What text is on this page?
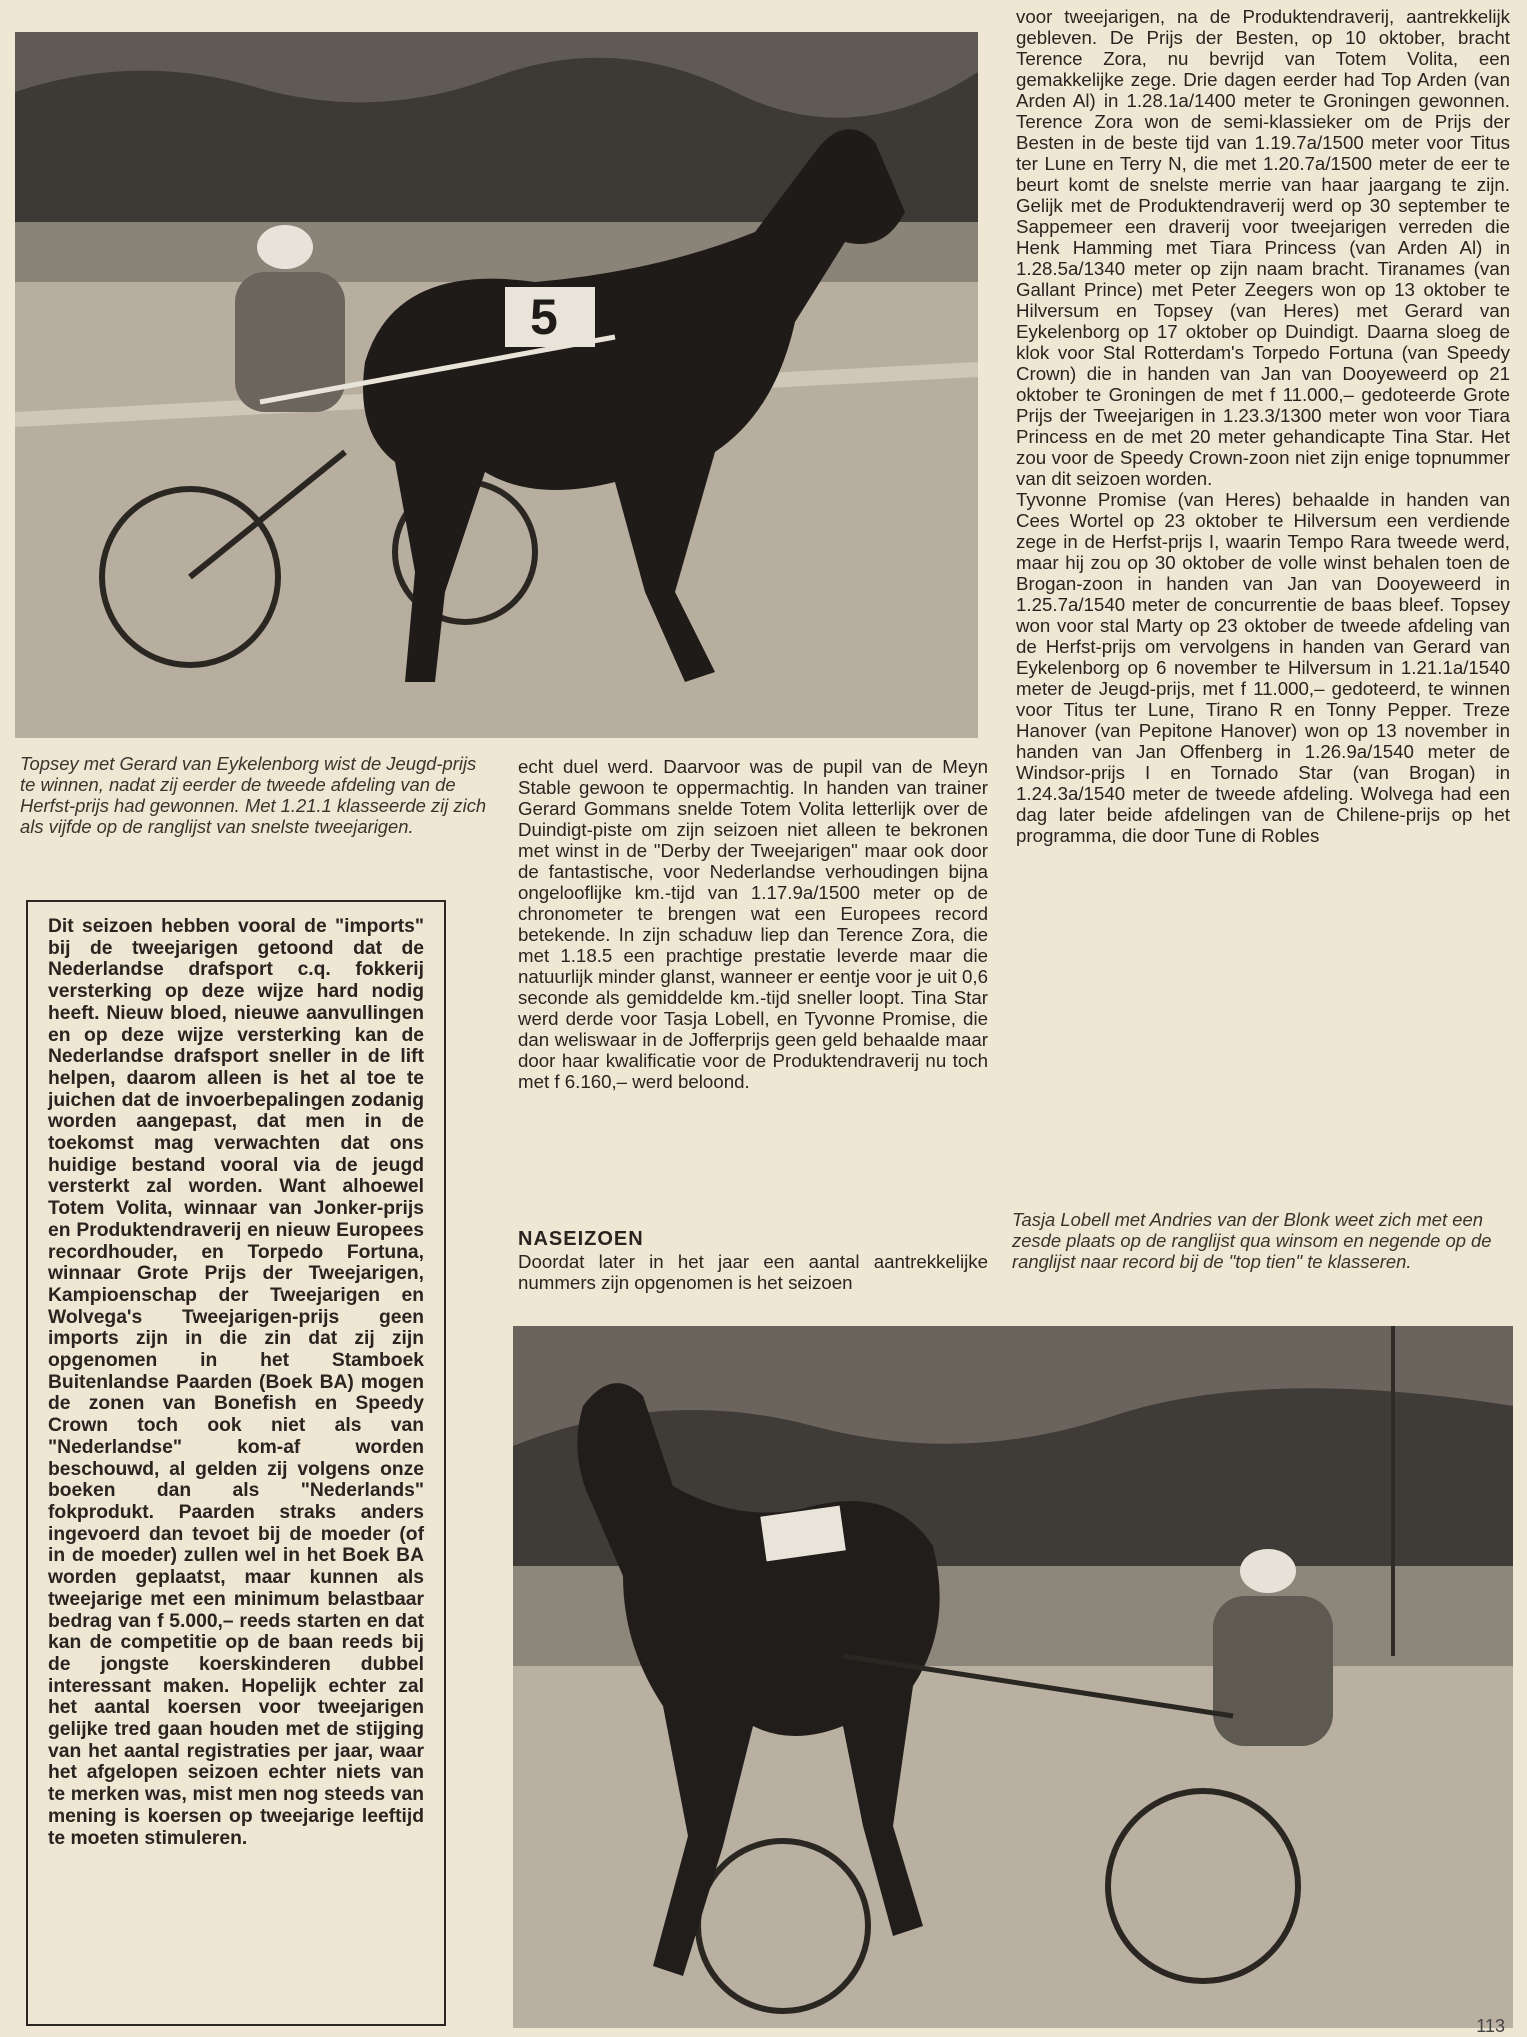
5

voor tweejarigen, na de Produktendraverij, aantrekkelijk gebleven. De Prijs der Besten, op 10 oktober, bracht Terence Zora, nu bevrijd van Totem Volita, een gemakkelijke zege. Drie dagen eerder had Top Arden (van Arden Al) in 1.28.1a/1400 meter te Groningen gewonnen. Terence Zora won de semi-klassieker om de Prijs der Besten in de beste tijd van 1.19.7a/1500 meter voor Titus ter Lune en Terry N, die met 1.20.7a/1500 meter de eer te beurt komt de snelste merrie van haar jaargang te zijn. Gelijk met de Produktendraverij werd op 30 september te Sappemeer een draverij voor tweejarigen verreden die Henk Hamming met Tiara Princess (van Arden Al) in 1.28.5a/1340 meter op zijn naam bracht. Tiranames (van Gallant Prince) met Peter Zeegers won op 13 oktober te Hilversum en Topsey (van Heres) met Gerard van Eykelenborg op 17 oktober op Duindigt. Daarna sloeg de klok voor Stal Rotterdam's Torpedo Fortuna (van Speedy Crown) die in handen van Jan van Dooyeweerd op 21 oktober te Groningen de met f 11.000,– gedoteerde Grote Prijs der Tweejarigen in 1.23.3/1300 meter won voor Tiara Princess en de met 20 meter gehandicapte Tina Star. Het zou voor de Speedy Crown-zoon niet zijn enige topnummer van dit seizoen worden.

Tyvonne Promise (van Heres) behaalde in handen van Cees Wortel op 23 oktober te Hilversum een verdiende zege in de Herfst-prijs I, waarin Tempo Rara tweede werd, maar hij zou op 30 oktober de volle winst behalen toen de Brogan-zoon in handen van Jan van Dooyeweerd in 1.25.7a/1540 meter de concurrentie de baas bleef. Topsey won voor stal Marty op 23 oktober de tweede afdeling van de Herfst-prijs om vervolgens in handen van Gerard van Eykelenborg op 6 november te Hilversum in 1.21.1a/1540 meter de Jeugd-prijs, met f 11.000,– gedoteerd, te winnen voor Titus ter Lune, Tirano R en Tonny Pepper. Treze Hanover (van Pepitone Hanover) won op 13 november in handen van Jan Offenberg in 1.26.9a/1540 meter de Windsor-prijs I en Tornado Star (van Brogan) in 1.24.3a/1540 meter de tweede afdeling. Wolvega had een dag later beide afdelingen van de Chilene-prijs op het programma, die door Tune di Robles

Topsey met Gerard van Eykelenborg wist de Jeugd-prijs te winnen, nadat zij eerder de tweede afdeling van de Herfst-prijs had gewonnen. Met 1.21.1 klasseerde zij zich als vijfde op de ranglijst van snelste tweejarigen.

echt duel werd. Daarvoor was de pupil van de Meyn Stable gewoon te oppermachtig. In handen van trainer Gerard Gommans snelde Totem Volita letterlijk over de Duindigt-piste om zijn seizoen niet alleen te bekronen met winst in de "Derby der Tweejarigen" maar ook door de fantastische, voor Nederlandse verhoudingen bijna ongelooflijke km.-tijd van 1.17.9a/1500 meter op de chronometer te brengen wat een Europees record betekende. In zijn schaduw liep dan Terence Zora, die met 1.18.5 een prachtige prestatie leverde maar die natuurlijk minder glanst, wanneer er eentje voor je uit 0,6 seconde als gemiddelde km.-tijd sneller loopt. Tina Star werd derde voor Tasja Lobell, en Tyvonne Promise, die dan weliswaar in de Jofferprijs geen geld behaalde maar door haar kwalificatie voor de Produktendraverij nu toch met f 6.160,– werd beloond.

NASEIZOEN
Doordat later in het jaar een aantal aantrekkelijke nummers zijn opgenomen is het seizoen
Tasja Lobell met Andries van der Blonk weet zich met een zesde plaats op de ranglijst qua winsom en negende op de ranglijst naar record bij de "top tien" te klasseren.
Dit seizoen hebben vooral de "imports" bij de tweejarigen getoond dat de Nederlandse drafsport c.q. fokkerij versterking op deze wijze hard nodig heeft. Nieuw bloed, nieuwe aanvullingen en op deze wijze versterking kan de Nederlandse drafsport sneller in de lift helpen, daarom alleen is het al toe te juichen dat de invoerbepalingen zodanig worden aangepast, dat men in de toekomst mag verwachten dat ons huidige bestand vooral via de jeugd versterkt zal worden. Want alhoewel Totem Volita, winnaar van Jonker-prijs en Produktendraverij en nieuw Europees recordhouder, en Torpedo Fortuna, winnaar Grote Prijs der Tweejarigen, Kampioenschap der Tweejarigen en Wolvega's Tweejarigen-prijs geen imports zijn in die zin dat zij zijn opgenomen in het Stamboek Buitenlandse Paarden (Boek BA) mogen de zonen van Bonefish en Speedy Crown toch ook niet als van "Nederlandse" kom-af worden beschouwd, al gelden zij volgens onze boeken dan als "Nederlands" fokprodukt. Paarden straks anders ingevoerd dan tevoet bij de moeder (of in de moeder) zullen wel in het Boek BA worden geplaatst, maar kunnen als tweejarige met een minimum belastbaar bedrag van f 5.000,– reeds starten en dat kan de competitie op de baan reeds bij de jongste koerskinderen dubbel interessant maken. Hopelijk echter zal het aantal koersen voor tweejarigen gelijke tred gaan houden met de stijging van het aantal registraties per jaar, waar het afgelopen seizoen echter niets van te merken was, mist men nog steeds van mening is koersen op tweejarige leeftijd te moeten stimuleren.
113
